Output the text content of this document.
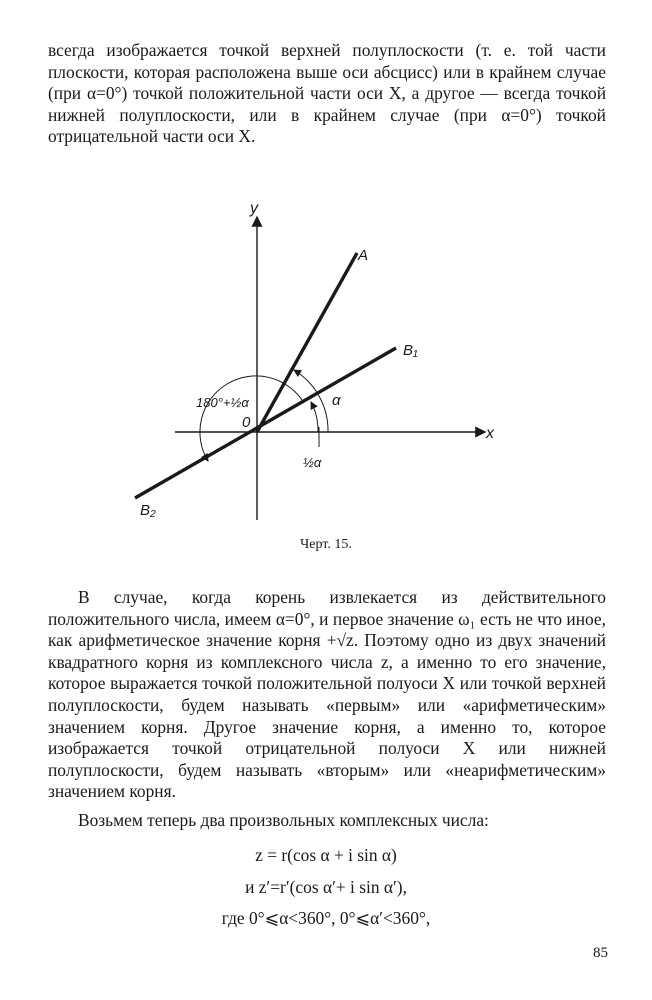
всегда изображается точкой верхней полуплоскости (т. е. той части плоскости, которая расположена выше оси абсцисс) или в крайнем случае (при α=0°) точкой положительной части оси X, а другое — всегда точкой нижней полуплоскости, или в крайнем случае (при α=0°) точкой отрицательной части оси X.

y
x
A
B₁
B₂
0
α
½α
180°+½α
Черт. 15.

В случае, когда корень извлекается из действительного положительного числа, имеем α=0°, и первое значение ω₁ есть не что иное, как арифметическое значение корня +√z. Поэтому одно из двух значений квадратного корня из комплексного числа z, а именно то его значение, которое выражается точкой положительной полуоси X или точкой верхней полуплоскости, будем называть «первым» или «арифметическим» значением корня. Другое значение корня, а именно то, которое изображается точкой отрицательной полуоси X или нижней полуплоскости, будем называть «вторым» или «неарифметическим» значением корня.

Возьмем теперь два произвольных комплексных числа:

z = r(cos α + i sin α)
и z′=r′(cos α′+ i sin α′),
где 0°⩽α<360°, 0°⩽α′<360°,
85
